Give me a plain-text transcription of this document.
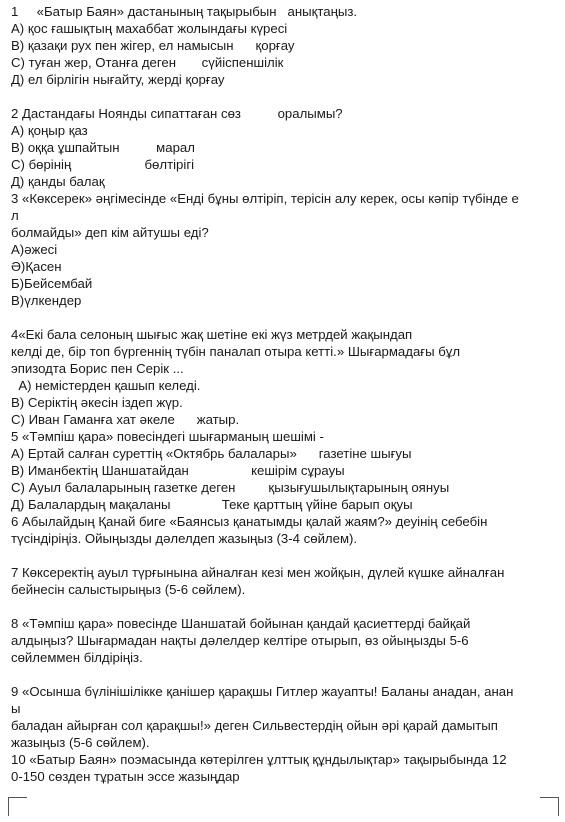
1     «Батыр Баян» дастанының тақырыбын   анықтаңыз.
А) қос ғашықтың махаббат жолындағы күресі
В) қазақи рух пен жігер, ел намысын      қорғау
С) туған жер, Отанға деген       сүйіспеншілік
Д) ел бірлігін нығайту, жерді қорғау
2 Дастандағы Ноянды сипаттаған сөз          оралымы?
А) қоңыр қаз
В) оққа ұшпайтын          марал
С) бөрінің                    бөлтірігі
Д) қанды балақ
3 «Көксерек» әңгімесінде «Енді бұны өлтіріп, терісін алу керек, осы кәпір түбінде е
л
болмайды» деп кім айтушы еді?
А)әжесі
Ә)Қасен
Б)Бейсембай
В)үлкендер
4«Екі бала селоның шығыс жақ шетіне екі жүз метрдей жақындап
келді де, бір топ бүргеннің түбін паналап отыра кетті.» Шығармадағы бұл
эпизодта Борис пен Серік ...
А) немістерден қашып келеді.
В) Серіктің әкесін іздеп жүр.
С) Иван Гаманға хат әкеле      жатыр.
5 «Тәмпіш қара» повесіндегі шығарманың шешімі -
А) Ертай салған суреттің «Октябрь балалары»      газетіне шығуы
В) Иманбектің Шаншатайдан                 кешірім сұрауы
С) Ауыл балаларының газетке деген         қызығушылықтарының оянуы
Д) Балалардың мақаланы              Теке қарттың үйіне барып оқуы
6 Абылайдың Қанай биге «Баянсыз қанатымды қалай жаям?» деуінің себебін
түсіндіріңіз. Ойыңызды дәлелдеп жазыңыз (3-4 сөйлем).
7 Көксеректің ауыл түрғынына айналған кезі мен жойқын, дүлей күшке айналған
бейнесін салыстырыңыз (5-6 сөйлем).
8 «Тәмпіш қара» повесінде Шаншатай бойынан қандай қасиеттерді байқай
алдыңыз? Шығармадан нақты дәлелдер келтіре отырып, өз ойыңызды 5-6
сөйлеммен білдіріңіз.
9 «Осынша бүлінішілікке қанішер қарақшы Гитлер жауапты! Баланы анадан, анан
ы
баладан айырған сол қарақшы!» деген Сильвестердің ойын әрі қарай дамытып
жазыңыз (5-6 сөйлем).
10 «Батыр Баян» поэмасында көтерілген ұлттық құндылықтар» тақырыбында 12
0-150 сөзден тұратын эссе жазыңдар
